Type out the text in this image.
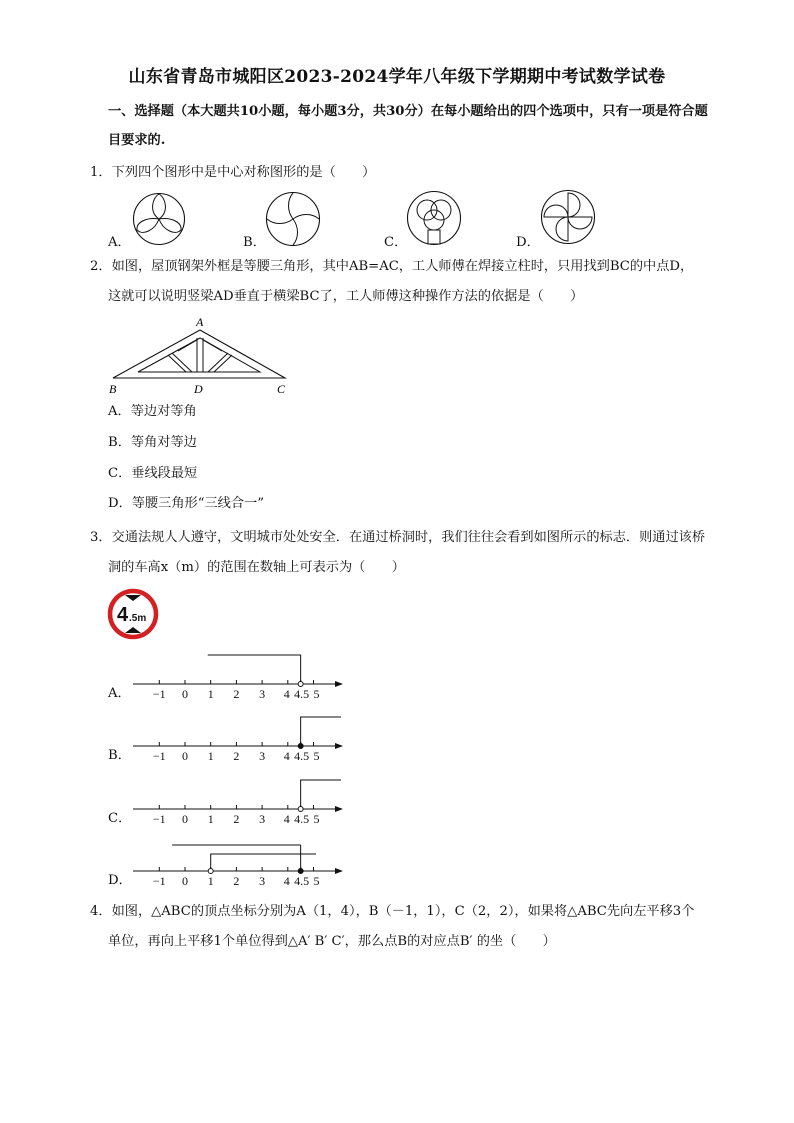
山东省青岛市城阳区2023-2024学年八年级下学期期中考试数学试卷
一、选择题（本大题共10小题，每小题3分，共30分）在每小题给出的四个选项中，只有一项是符合题
目要求的.
1．下列四个图形中是中心对称图形的是（　　）
A．	B．	C．	D．
2．如图，屋顶钢架外框是等腰三角形，其中AB=AC，工人师傅在焊接立柱时，只用找到BC的中点D，
这就可以说明竖梁AD垂直于横梁BC了，工人师傅这种操作方法的依据是（　　）
A
B	D	C
A．等边对等角
B．等角对等边
C．垂线段最短
D．等腰三角形“三线合一”
3．交通法规人人遵守，文明城市处处安全．在通过桥洞时，我们往往会看到如图所示的标志．则通过该桥
洞的车高x（m）的范围在数轴上可表示为（　　）
4 .5m
A．
B．
C．
D．
−1 0 1 2 3 4 4.5 5
−1 0 1 2 3 4 4.5 5
−1 0 1 2 3 4 4.5 5
−1 0 1 2 3 4 4.5 5
4．如图，△ABC的顶点坐标分别为A（1，4），B（－1，1），C（2，2），如果将△ABC先向左平移3个
单位，再向上平移1个单位得到△A′ B′ C′，那么点B的对应点B′ 的坐（　　）
